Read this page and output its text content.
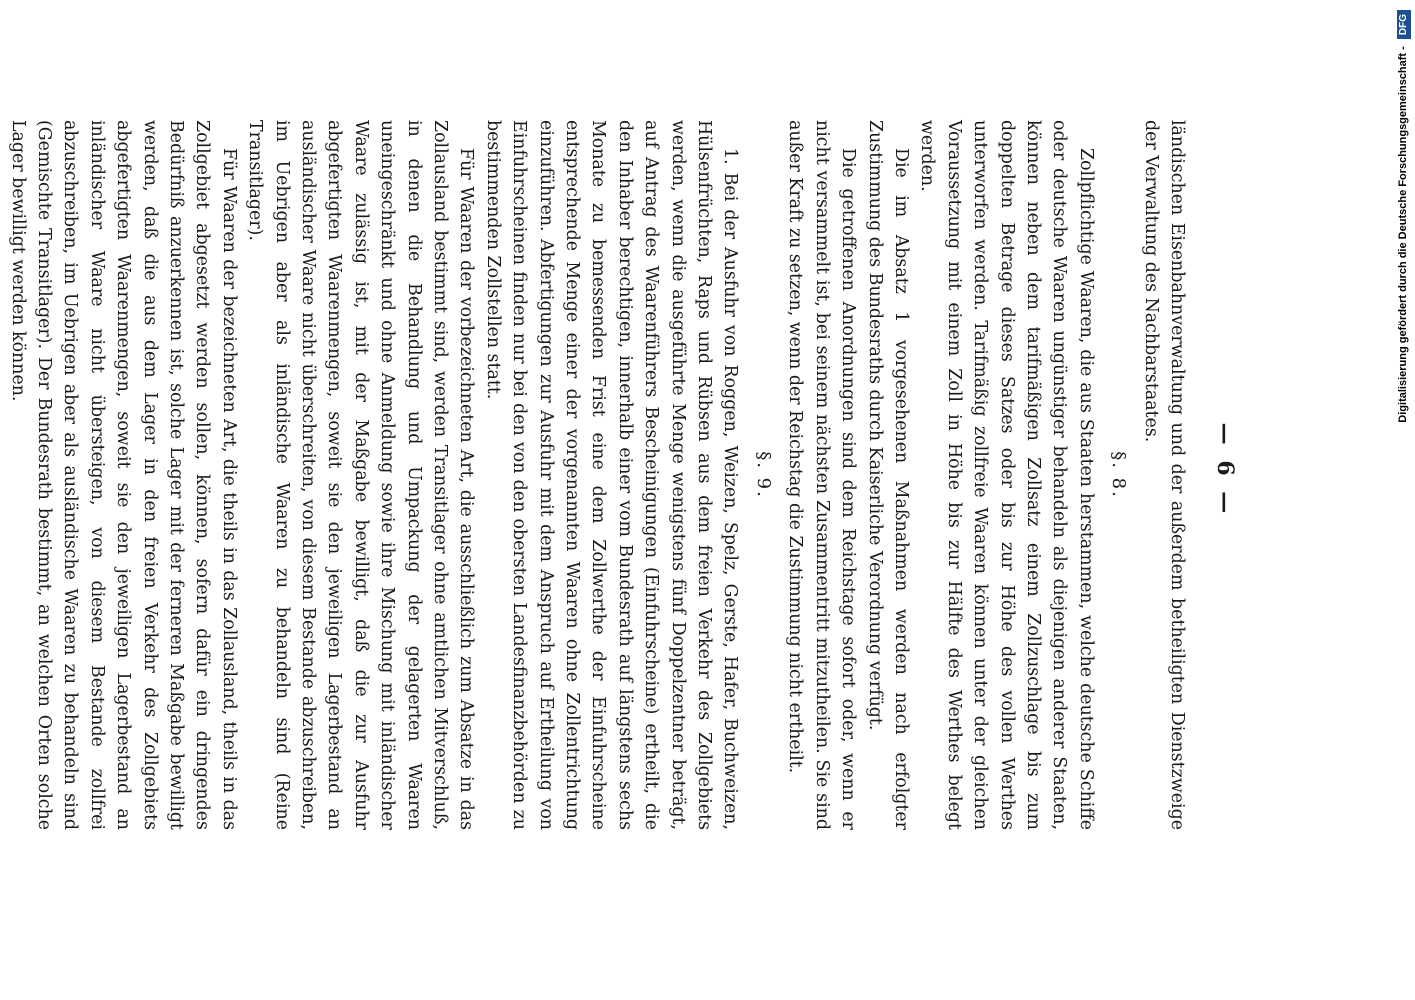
— 6 —

ländischen Eisenbahnverwaltung und der außerdem betheiligten Dienstzweige der Verwaltung des Nachbarstaates.

§. 8.

Zollpflichtige Waaren, die aus Staaten herstammen, welche deutsche Schiffe oder deutsche Waaren ungünstiger behandeln als diejenigen anderer Staaten, können neben dem tarifmäßigen Zollsatz einem Zollzuschlage bis zum doppelten Betrage dieses Satzes oder bis zur Höhe des vollen Werthes unterworfen werden. Tarifmäßig zollfreie Waaren können unter der gleichen Voraussetzung mit einem Zoll in Höhe bis zur Hälfte des Werthes belegt werden.

Die im Absatz 1 vorgesehenen Maßnahmen werden nach erfolgter Zustimmung des Bundesraths durch Kaiserliche Verordnung verfügt.

Die getroffenen Anordnungen sind dem Reichstage sofort oder, wenn er nicht versammelt ist, bei seinem nächsten Zusammentritt mitzutheilen. Sie sind außer Kraft zu setzen, wenn der Reichstag die Zustimmung nicht ertheilt.

§. 9.

1. Bei der Ausfuhr von Roggen, Weizen, Spelz, Gerste, Hafer, Buchweizen, Hülsenfrüchten, Raps und Rübsen aus dem freien Verkehr des Zollgebiets werden, wenn die ausgeführte Menge wenigstens fünf Doppelzentner beträgt, auf Antrag des Waarenführers Bescheinigungen (Einfuhrscheine) ertheilt, die den Inhaber berechtigen, innerhalb einer vom Bundesrath auf längstens sechs Monate zu bemessenden Frist eine dem Zollwerthe der Einfuhrscheine entsprechende Menge einer der vorgenannten Waaren ohne Zollentrichtung einzuführen. Abfertigungen zur Ausfuhr mit dem Anspruch auf Ertheilung von Einfuhrscheinen finden nur bei den von den obersten Landesfinanzbehörden zu bestimmenden Zollstellen statt.

Für Waaren der vorbezeichneten Art, die ausschließlich zum Absatze in das Zollausland bestimmt sind, werden Transitlager ohne amtlichen Mitverschluß, in denen die Behandlung und Umpackung der gelagerten Waaren uneingeschränkt und ohne Anmeldung sowie ihre Mischung mit inländischer Waare zulässig ist, mit der Maßgabe bewilligt, daß die zur Ausfuhr abgefertigten Waarenmengen, soweit sie den jeweiligen Lagerbestand an ausländischer Waare nicht überschreiten, von diesem Bestande abzuschreiben, im Uebrigen aber als inländische Waaren zu behandeln sind (Reine Transitlager).

Für Waaren der bezeichneten Art, die theils in das Zollausland, theils in das Zollgebiet abgesetzt werden sollen, können, sofern dafür ein dringendes Bedürfniß anzuerkennen ist, solche Lager mit der ferneren Maßgabe bewilligt werden, daß die aus dem Lager in den freien Verkehr des Zollgebiets abgefertigten Waarenmengen, soweit sie den jeweiligen Lagerbestand an inländischer Waare nicht übersteigen, von diesem Bestande zollfrei abzuschreiben, im Uebrigen aber als ausländische Waaren zu behandeln sind (Gemischte Transitlager). Der Bundesrath bestimmt, an welchen Orten solche Lager bewilligt werden können.	Digitalisierung gefördert durch die Deutsche Forschungsgemeinschaft - DFG
